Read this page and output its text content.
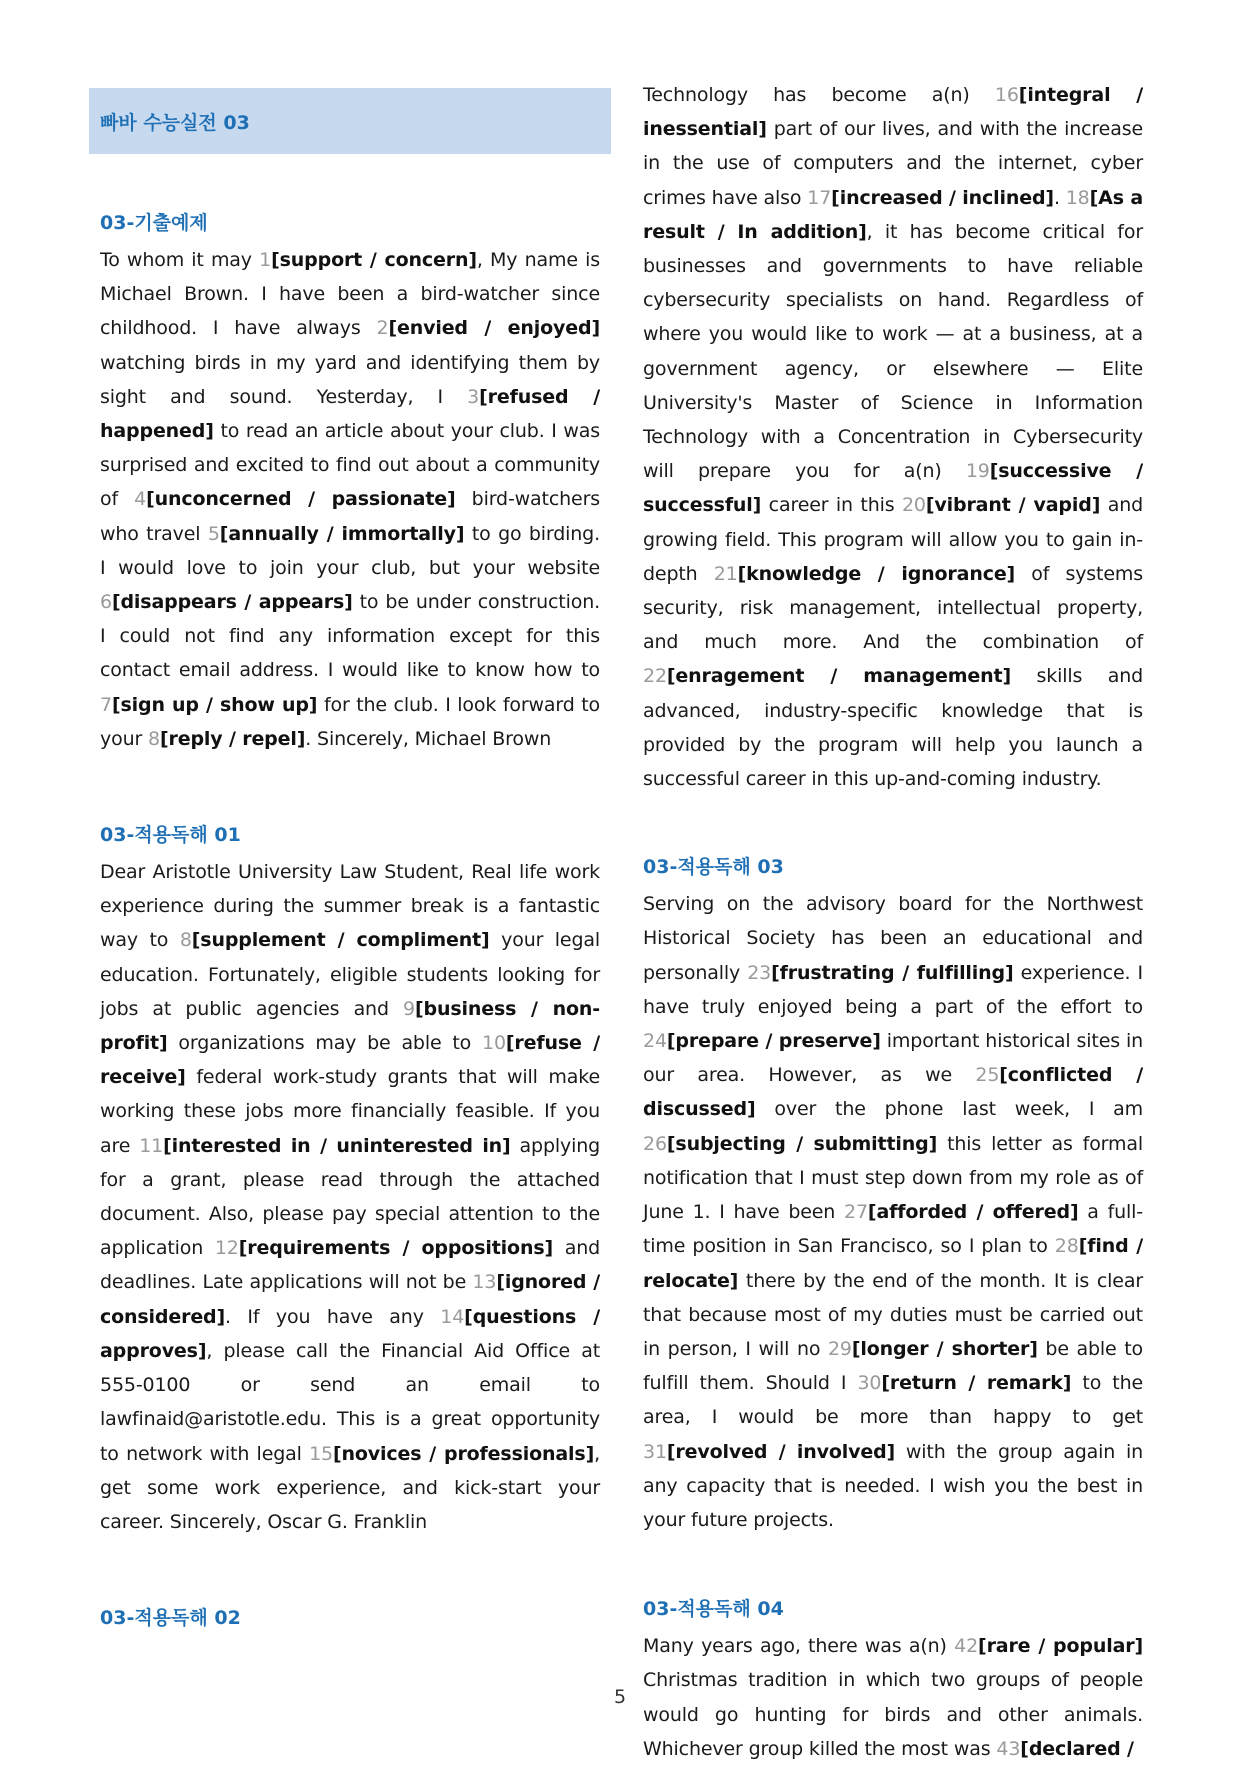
빠바 수능실전 03
03-기출예제

To whom it may 1[support / concern], My name is Michael Brown. I have been a bird-watcher since childhood. I have always 2[envied / enjoyed] watching birds in my yard and identifying them by sight and sound. Yesterday, I 3[refused / happened] to read an article about your club. I was surprised and excited to find out about a community of 4[unconcerned / passionate] bird-watchers who travel 5[annually / immortally] to go birding. I would love to join your club, but your website 6[disappears / appears] to be under construction. I could not find any information except for this contact email address. I would like to know how to 7[sign up / show up] for the club. I look forward to your 8[reply / repel]. Sincerely, Michael Brown

03-적용독해 01

Dear Aristotle University Law Student, Real life work experience during the summer break is a fantastic way to 8[supplement / compliment] your legal education. Fortunately, eligible students looking for jobs at public agencies and 9[business / non-profit] organizations may be able to 10[refuse / receive] federal work-study grants that will make working these jobs more financially feasible. If you are 11[interested in / uninterested in] applying for a grant, please read through the attached document. Also, please pay special attention to the application 12[requirements / oppositions] and deadlines. Late applications will not be 13[ignored / considered]. If you have any 14[questions / approves], please call the Financial Aid Office at 555-0100 or send an email to lawfinaid@aristotle.edu. This is a great opportunity to network with legal 15[novices / professionals], get some work experience, and kick-start your career. Sincerely, Oscar G. Franklin

03-적용독해 02

Technology has become a(n) 16[integral / inessential] part of our lives, and with the increase in the use of computers and the internet, cyber crimes have also 17[increased / inclined]. 18[As a result / In addition], it has become critical for businesses and governments to have reliable cybersecurity specialists on hand. Regardless of where you would like to work — at a business, at a government agency, or elsewhere — Elite University's Master of Science in Information Technology with a Concentration in Cybersecurity will prepare you for a(n) 19[successive / successful] career in this 20[vibrant / vapid] and growing field. This program will allow you to gain in-depth 21[knowledge / ignorance] of systems security, risk management, intellectual property, and much more. And the combination of 22[enragement / management] skills and advanced, industry-specific knowledge that is provided by the program will help you launch a successful career in this up-and-coming industry.

03-적용독해 03

Serving on the advisory board for the Northwest Historical Society has been an educational and personally 23[frustrating / fulfilling] experience. I have truly enjoyed being a part of the effort to 24[prepare / preserve] important historical sites in our area. However, as we 25[conflicted / discussed] over the phone last week, I am 26[subjecting / submitting] this letter as formal notification that I must step down from my role as of June 1. I have been 27[afforded / offered] a full-time position in San Francisco, so I plan to 28[find / relocate] there by the end of the month. It is clear that because most of my duties must be carried out in person, I will no 29[longer / shorter] be able to fulfill them. Should I 30[return / remark] to the area, I would be more than happy to get 31[revolved / involved] with the group again in any capacity that is needed. I wish you the best in your future projects.

03-적용독해 04

Many years ago, there was a(n) 42[rare / popular] Christmas tradition in which two groups of people would go hunting for birds and other animals. Whichever group killed the most was 43[declared /

5
